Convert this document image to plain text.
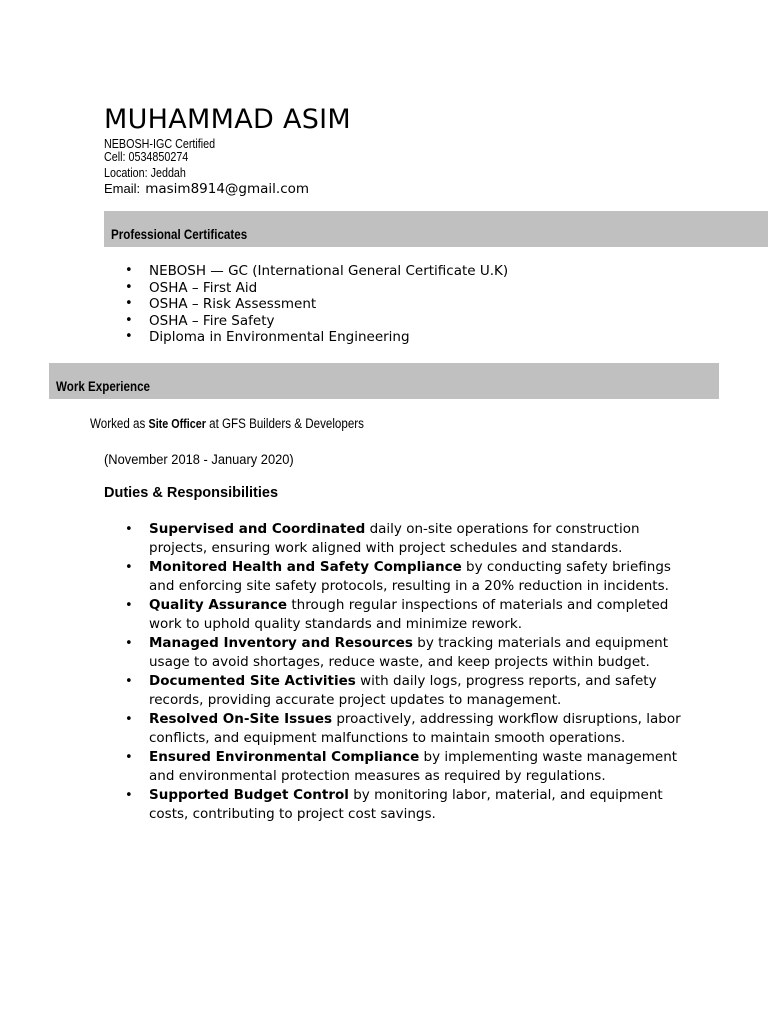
MUHAMMAD ASIM

NEBOSH-IGC Certified

Cell: 0534850274

Location: Jeddah

Email: masim8914@gmail.com

Professional Certificates

• NEBOSH — GC (International General Certificate U.K)
• OSHA – First Aid
• OSHA – Risk Assessment
• OSHA – Fire Safety
• Diploma in Environmental Engineering

Work Experience

Worked as Site Officer at GFS Builders & Developers

(November 2018 - January 2020)

Duties & Responsibilities

• Supervised and Coordinated daily on-site operations for construction projects, ensuring work aligned with project schedules and standards.
• Monitored Health and Safety Compliance by conducting safety briefings and enforcing site safety protocols, resulting in a 20% reduction in incidents.
• Quality Assurance through regular inspections of materials and completed work to uphold quality standards and minimize rework.
• Managed Inventory and Resources by tracking materials and equipment usage to avoid shortages, reduce waste, and keep projects within budget.
• Documented Site Activities with daily logs, progress reports, and safety records, providing accurate project updates to management.
• Resolved On-Site Issues proactively, addressing workflow disruptions, labor conflicts, and equipment malfunctions to maintain smooth operations.
• Ensured Environmental Compliance by implementing waste management and environmental protection measures as required by regulations.
• Supported Budget Control by monitoring labor, material, and equipment costs, contributing to project cost savings.
